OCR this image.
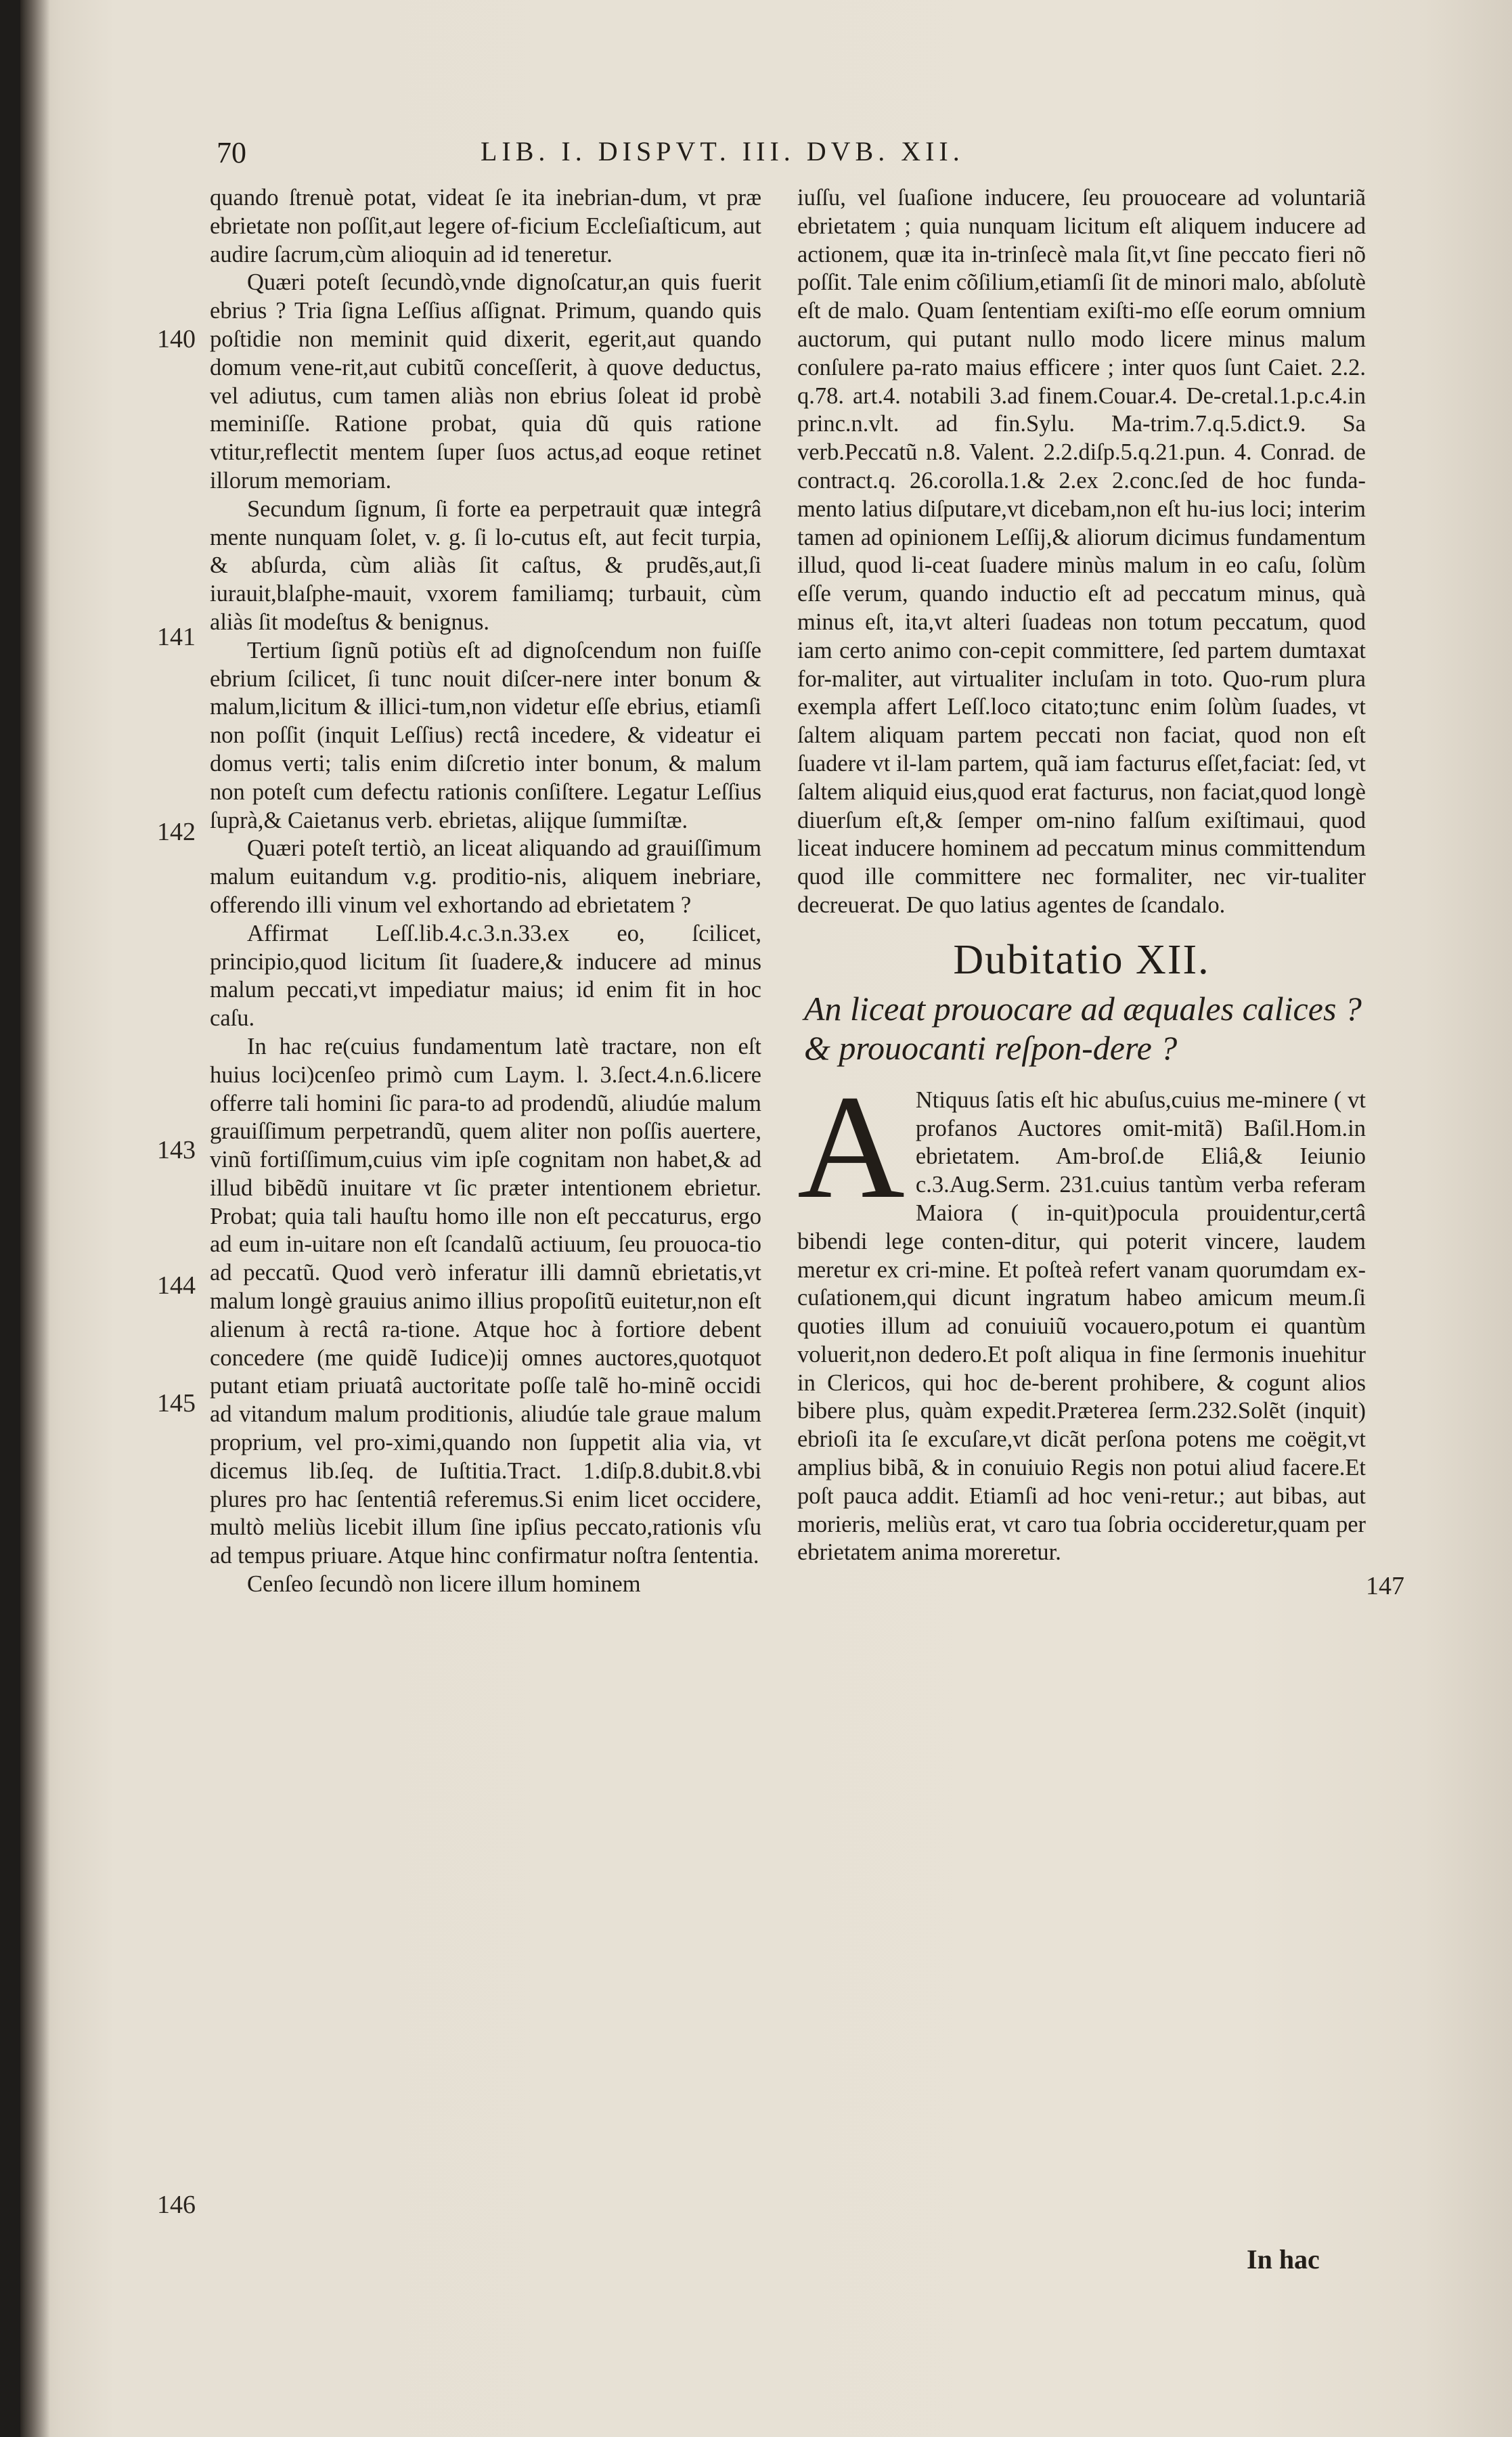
70	LIB. I. DISPVT. III. DVB. XII.
140
141
142
143
144
145
146
147

quando ſtrenuè potat, videat ſe ita inebrian-dum, vt præ ebrietate non poſſit,aut legere of-ficium Eccleſiaſticum, aut audire ſacrum,cùm alioquin ad id teneretur.

Quæri poteſt ſecundò,vnde dignoſcatur,an quis fuerit ebrius ? Tria ſigna Leſſius aſſignat. Primum, quando quis poſtidie non meminit quid dixerit, egerit,aut quando domum vene-rit,aut cubitũ conceſſerit, à quove deductus, vel adiutus, cum tamen aliàs non ebrius ſoleat id probè meminiſſe. Ratione probat, quia dũ quis ratione vtitur,reflectit mentem ſuper ſuos actus,ad eoque retinet illorum memoriam.

Secundum ſignum, ſi forte ea perpetrauit quæ integrâ mente nunquam ſolet, v. g. ſi lo-cutus eſt, aut fecit turpia, & abſurda, cùm aliàs ſit caſtus, & prudẽs,aut,ſi iurauit,blaſphe-mauit, vxorem familiamq; turbauit, cùm aliàs ſit modeſtus & benignus.

Tertium ſignũ potiùs eſt ad dignoſcendum non fuiſſe ebrium ſcilicet, ſi tunc nouit diſcer-nere inter bonum & malum,licitum & illici-tum,non videtur eſſe ebrius, etiamſi non poſſit (inquit Leſſius) rectâ incedere, & videatur ei domus verti; talis enim diſcretio inter bonum, & malum non poteſt cum defectu rationis conſiſtere. Legatur Leſſius ſuprà,& Caietanus verb. ebrietas, aliįque ſummiſtæ.

Quæri poteſt tertiò, an liceat aliquando ad grauiſſimum malum euitandum v.g. proditio-nis, aliquem inebriare, offerendo illi vinum vel exhortando ad ebrietatem ?

Affirmat Leſſ.lib.4.c.3.n.33.ex eo, ſcilicet, principio,quod licitum ſit ſuadere,& inducere ad minus malum peccati,vt impediatur maius; id enim fit in hoc caſu.

In hac re(cuius fundamentum latè tractare, non eſt huius loci)cenſeo primò cum Laym. l. 3.ſect.4.n.6.licere offerre tali homini ſic para-to ad prodendũ, aliudúe malum grauiſſimum perpetrandũ, quem aliter non poſſis auertere, vinũ fortiſſimum,cuius vim ipſe cognitam non habet,& ad illud bibẽdũ inuitare vt ſic præter intentionem ebrietur. Probat; quia tali hauſtu homo ille non eſt peccaturus, ergo ad eum in-uitare non eſt ſcandalũ actiuum, ſeu prouoca-tio ad peccatũ. Quod verò inferatur illi damnũ ebrietatis,vt malum longè grauius animo illius propoſitũ euitetur,non eſt alienum à rectâ ra-tione. Atque hoc à fortiore debent concedere (me quidẽ Iudice)ij omnes auctores,quotquot putant etiam priuatâ auctoritate poſſe talẽ ho-minẽ occidi ad vitandum malum proditionis, aliudúe tale graue malum proprium, vel pro-ximi,quando non ſuppetit alia via, vt dicemus lib.ſeq. de Iuſtitia.Tract. 1.diſp.8.dubit.8.vbi plures pro hac ſententiâ referemus.Si enim licet occidere, multò meliùs licebit illum ſine ipſius peccato,rationis vſu ad tempus priuare. Atque hinc confirmatur noſtra ſententia.

Cenſeo ſecundò non licere illum hominem

iuſſu, vel ſuaſione inducere, ſeu prouoceare ad voluntariã ebrietatem ; quia nunquam licitum eſt aliquem inducere ad actionem, quæ ita in-trinſecè mala ſit,vt ſine peccato fieri nõ poſſit. Tale enim cõſilium,etiamſi ſit de minori malo, abſolutè eſt de malo. Quam ſententiam exiſti-mo eſſe eorum omnium auctorum, qui putant nullo modo licere minus malum conſulere pa-rato maius efficere ; inter quos ſunt Caiet. 2.2. q.78. art.4. notabili 3.ad finem.Couar.4. De-cretal.1.p.c.4.in princ.n.vlt. ad fin.Sylu. Ma-trim.7.q.5.dict.9. Sa verb.Peccatũ n.8. Valent. 2.2.diſp.5.q.21.pun. 4. Conrad. de contract.q. 26.corolla.1.& 2.ex 2.conc.ſed de hoc funda-mento latius diſputare,vt dicebam,non eſt hu-ius loci; interim tamen ad opinionem Leſſij,& aliorum dicimus fundamentum illud, quod li-ceat ſuadere minùs malum in eo caſu, ſolùm eſſe verum, quando inductio eſt ad peccatum minus, quà minus eſt, ita,vt alteri ſuadeas non totum peccatum, quod iam certo animo con-cepit committere, ſed partem dumtaxat for-maliter, aut virtualiter incluſam in toto. Quo-rum plura exempla affert Leſſ.loco citato;tunc enim ſolùm ſuades, vt ſaltem aliquam partem peccati non faciat, quod non eſt ſuadere vt il-lam partem, quã iam facturus eſſet,faciat: ſed, vt ſaltem aliquid eius,quod erat facturus, non faciat,quod longè diuerſum eſt,& ſemper om-nino falſum exiſtimaui, quod liceat inducere hominem ad peccatum minus committendum quod ille committere nec formaliter, nec vir-tualiter decreuerat. De quo latius agentes de ſcandalo.

Dubitatio XII.
An liceat prouocare ad æquales calices ? & prouocanti reſpon-dere ?

A Ntiquus ſatis eſt hic abuſus,cuius me-minere ( vt profanos Auctores omit-mitã) Baſil.Hom.in ebrietatem. Am-broſ.de Eliâ,& Ieiunio c.3.Aug.Serm. 231.cuius tantùm verba referam Maiora ( in-quit)pocula prouidentur,certâ bibendi lege conten-ditur, qui poterit vincere, laudem meretur ex cri-mine. Et poſteà refert vanam quorumdam ex-cuſationem,qui dicunt ingratum habeo amicum meum.ſi quoties illum ad conuiuiũ vocauero,potum ei quantùm voluerit,non dedero.Et poſt aliqua in fine ſermonis inuehitur in Clericos, qui hoc de-berent prohibere, & cogunt alios bibere plus, quàm expedit.Præterea ſerm.232.Solẽt (inquit) ebrioſi ita ſe excuſare,vt dicãt perſona potens me coëgit,vt amplius bibã, & in conuiuio Regis non potui aliud facere.Et poſt pauca addit. Etiamſi ad hoc veni-retur.; aut bibas, aut morieris, meliùs erat, vt caro tua ſobria occideretur,quam per ebrietatem anima moreretur.

In hac
